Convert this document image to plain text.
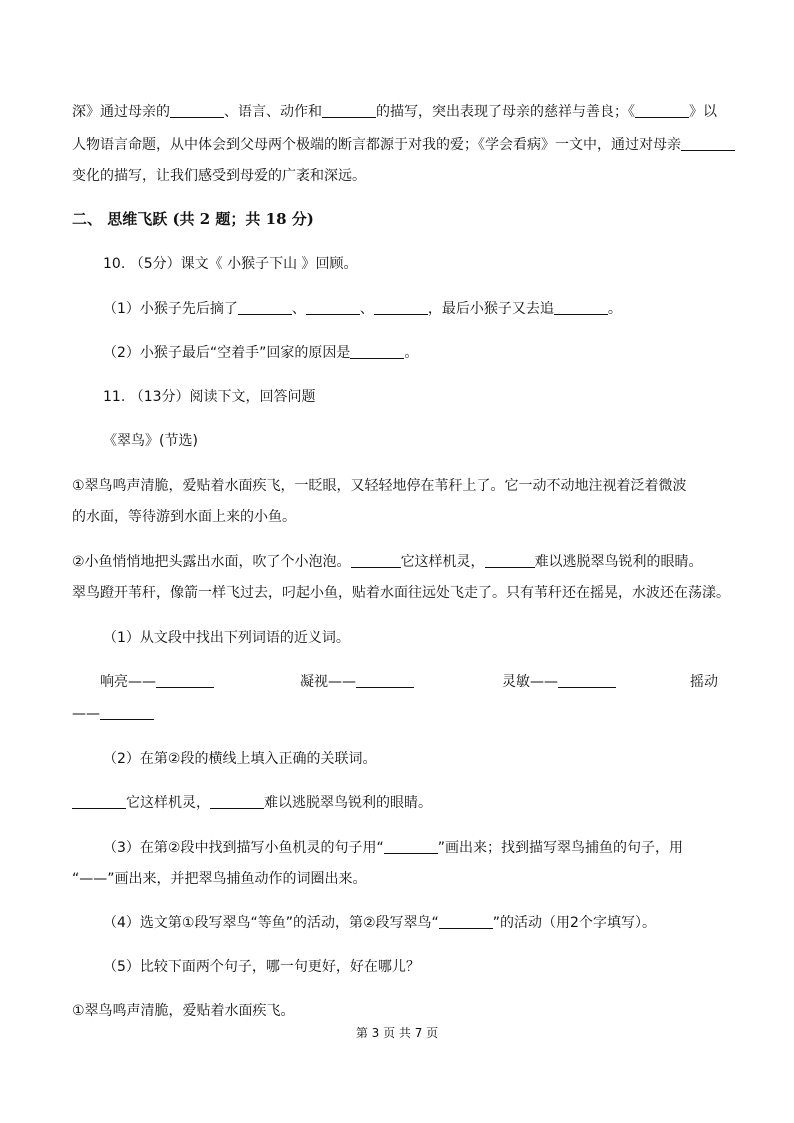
深》通过母亲的	、语言、动作和	的描写，突出表现了母亲的慈祥与善良；《	》以
人物语言命题，从中体会到父母两个极端的断言都源于对我的爱；《学会看病》一文中，通过对母亲
变化的描写，让我们感受到母爱的广袤和深远。
二、 思维飞跃 (共 2 题；共 18 分)
10. （5分）课文《 小猴子下山 》回顾。
（1）小猴子先后摘了	、	、	，最后小猴子又去追	。
（2）小猴子最后“空着手”回家的原因是	。
11. （13分）阅读下文，回答问题
《翠鸟》(节选)
①翠鸟鸣声清脆，爱贴着水面疾飞，一眨眼，又轻轻地停在苇秆上了。它一动不动地注视着泛着微波
的水面，等待游到水面上来的小鱼。
②小鱼悄悄地把头露出水面，吹了个小泡泡。	它这样机灵，	难以逃脱翠鸟锐利的眼睛。
翠鸟蹬开苇秆，像箭一样飞过去，叼起小鱼，贴着水面往远处飞走了。只有苇秆还在摇晃，水波还在荡漾。
（1）从文段中找出下列词语的近义词。
响亮——	凝视——	灵敏——	摇动
——
（2）在第②段的横线上填入正确的关联词。
它这样机灵，	难以逃脱翠鸟锐利的眼睛。
（3）在第②段中找到描写小鱼机灵的句子用“	”画出来；找到描写翠鸟捕鱼的句子，用
“——”画出来，并把翠鸟捕鱼动作的词圈出来。
（4）选文第①段写翠鸟“等鱼”的活动，第②段写翠鸟“	”的活动（用2个字填写）。
（5）比较下面两个句子，哪一句更好，好在哪儿？
①翠鸟鸣声清脆，爱贴着水面疾飞。
第 3 页 共 7 页
